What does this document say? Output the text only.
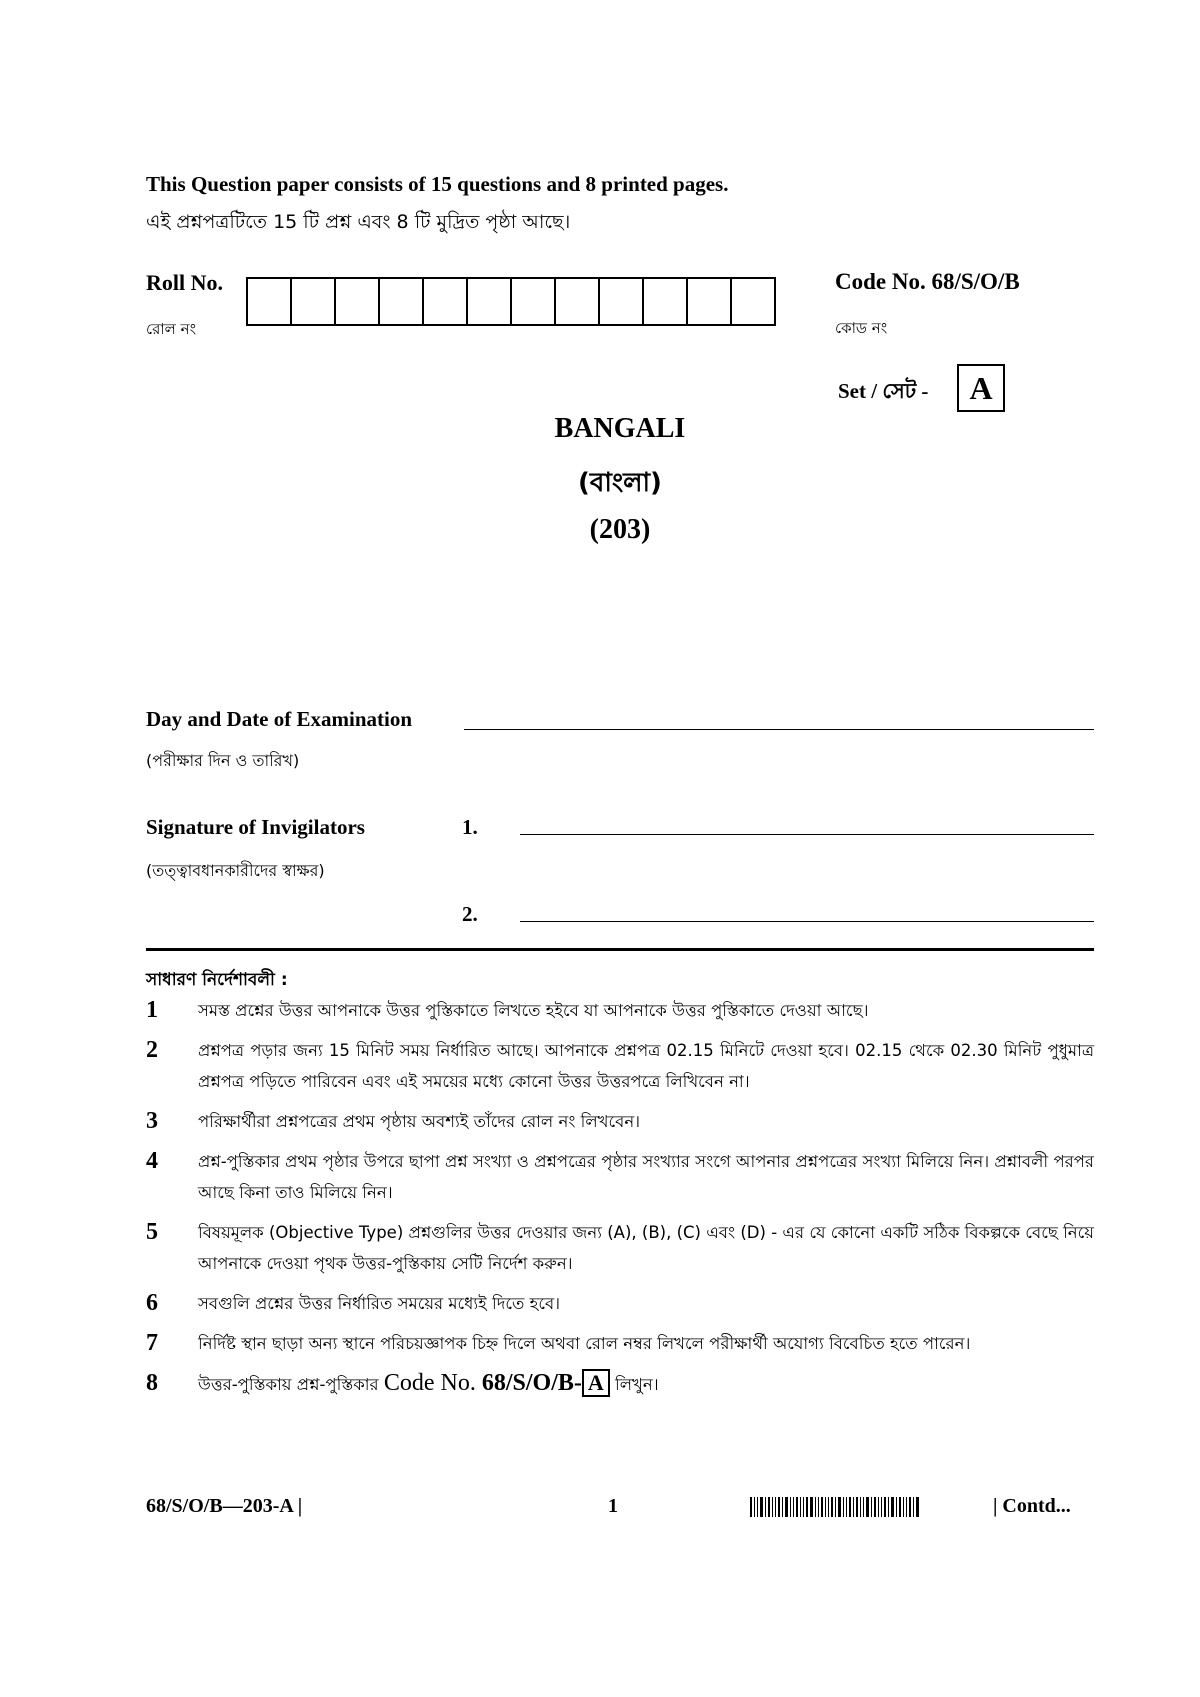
This Question paper consists of 15 questions and 8 printed pages.
এই প্রশ্নপত্রটিতে 15 টি প্রশ্ন এবং 8 টি মুদ্রিত পৃষ্ঠা আছে।
Roll No.
রোল নং
Code No. 68/S/O/B
কোড নং
Set / সেট -	A
BANGALI
(বাংলা)
(203)
Day and Date of Examination
(পরীক্ষার দিন ও তারিখ)
Signature of Invigilators
(তত্ত্বাবধানকারীদের স্বাক্ষর)
1.
2.
সাধারণ নির্দেশাবলী :
1	সমস্ত প্রশ্নের উত্তর আপনাকে উত্তর পুস্তিকাতে লিখতে হইবে যা আপনাকে উত্তর পুস্তিকাতে দেওয়া আছে।
2	প্রশ্নপত্র পড়ার জন্য 15 মিনিট সময় নির্ধারিত আছে। আপনাকে প্রশ্নপত্র 02.15 মিনিটে দেওয়া হবে। 02.15 থেকে 02.30 মিনিট পুধুমাত্র প্রশ্নপত্র পড়িতে পারিবেন এবং এই সময়ের মধ্যে কোনো উত্তর উত্তরপত্রে লিখিবেন না।
3	পরিক্ষার্থীরা প্রশ্নপত্রের প্রথম পৃষ্ঠায় অবশ্যই তাঁদের রোল নং লিখবেন।
4	প্রশ্ন-পুস্তিকার প্রথম পৃষ্ঠার উপরে ছাপা প্রশ্ন সংখ্যা ও প্রশ্নপত্রের পৃষ্ঠার সংখ্যার সংগে আপনার প্রশ্নপত্রের সংখ্যা মিলিয়ে নিন। প্রশ্নাবলী পরপর আছে কিনা তাও মিলিয়ে নিন।
5	বিষয়মূলক (Objective Type) প্রশ্নগুলির উত্তর দেওয়ার জন্য (A), (B), (C) এবং (D) - এর যে কোনো একটি সঠিক বিকল্পকে বেছে নিয়ে আপনাকে দেওয়া পৃথক উত্তর-পুস্তিকায় সেটি নির্দেশ করুন।
6	সবগুলি প্রশ্নের উত্তর নির্ধারিত সময়ের মধ্যেই দিতে হবে।
7	নির্দিষ্ট স্থান ছাড়া অন্য স্থানে পরিচয়জ্ঞাপক চিহ্ন দিলে অথবা রোল নম্বর লিখলে পরীক্ষার্থী অযোগ্য বিবেচিত হতে পারেন।
8	উত্তর-পুস্তিকায় প্রশ্ন-পুস্তিকার Code No. 68/S/O/B- A লিখুন।
68/S/O/B—203-A |	1	| Contd...
